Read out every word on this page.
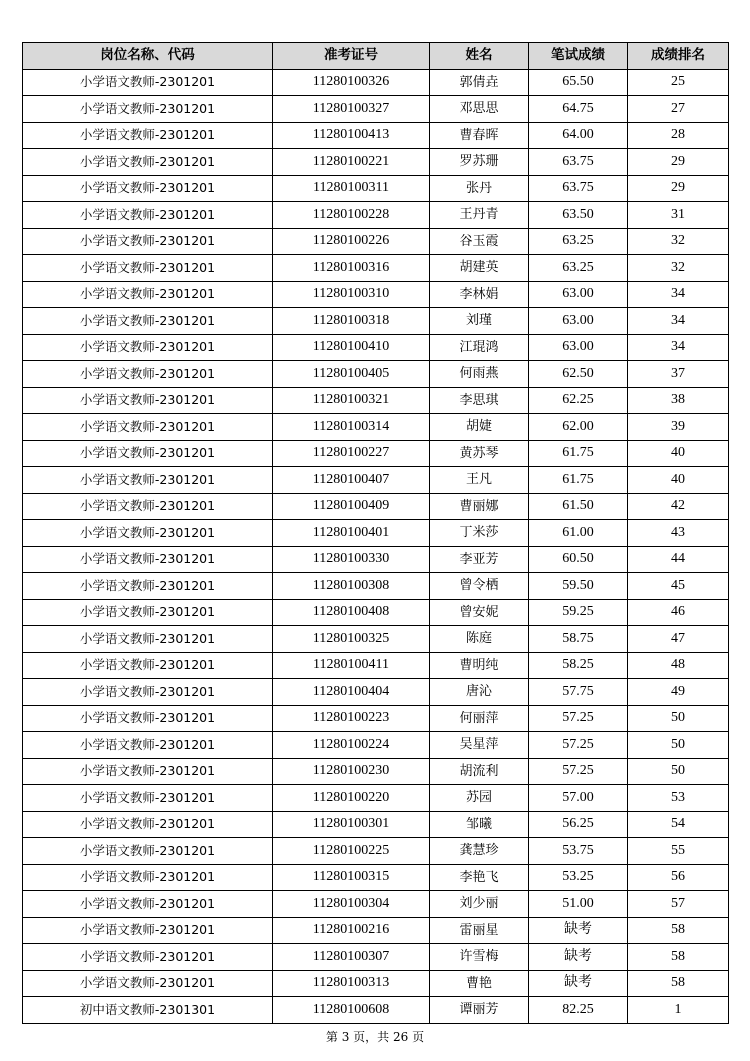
岗位名称、代码	准考证号	姓名	笔试成绩	成绩排名
小学语文教师-2301201	11280100326	郭倩垚	65.50	25
小学语文教师-2301201	11280100327	邓思思	64.75	27
小学语文教师-2301201	11280100413	曹春晖	64.00	28
小学语文教师-2301201	11280100221	罗苏珊	63.75	29
小学语文教师-2301201	11280100311	张丹	63.75	29
小学语文教师-2301201	11280100228	王丹青	63.50	31
小学语文教师-2301201	11280100226	谷玉霞	63.25	32
小学语文教师-2301201	11280100316	胡建英	63.25	32
小学语文教师-2301201	11280100310	李林娟	63.00	34
小学语文教师-2301201	11280100318	刘瑾	63.00	34
小学语文教师-2301201	11280100410	江琨鸿	63.00	34
小学语文教师-2301201	11280100405	何雨燕	62.50	37
小学语文教师-2301201	11280100321	李思琪	62.25	38
小学语文教师-2301201	11280100314	胡婕	62.00	39
小学语文教师-2301201	11280100227	黄苏琴	61.75	40
小学语文教师-2301201	11280100407	王凡	61.75	40
小学语文教师-2301201	11280100409	曹丽娜	61.50	42
小学语文教师-2301201	11280100401	丁米莎	61.00	43
小学语文教师-2301201	11280100330	李亚芳	60.50	44
小学语文教师-2301201	11280100308	曾令栖	59.50	45
小学语文教师-2301201	11280100408	曾安妮	59.25	46
小学语文教师-2301201	11280100325	陈庭	58.75	47
小学语文教师-2301201	11280100411	曹明纯	58.25	48
小学语文教师-2301201	11280100404	唐沁	57.75	49
小学语文教师-2301201	11280100223	何丽萍	57.25	50
小学语文教师-2301201	11280100224	吴星萍	57.25	50
小学语文教师-2301201	11280100230	胡流利	57.25	50
小学语文教师-2301201	11280100220	苏园	57.00	53
小学语文教师-2301201	11280100301	邹曦	56.25	54
小学语文教师-2301201	11280100225	龚慧珍	53.75	55
小学语文教师-2301201	11280100315	李艳飞	53.25	56
小学语文教师-2301201	11280100304	刘少丽	51.00	57
小学语文教师-2301201	11280100216	雷丽星	缺考	58
小学语文教师-2301201	11280100307	许雪梅	缺考	58
小学语文教师-2301201	11280100313	曹艳	缺考	58
初中语文教师-2301301	11280100608	谭丽芳	82.25	1
第 3 页，共 26 页
